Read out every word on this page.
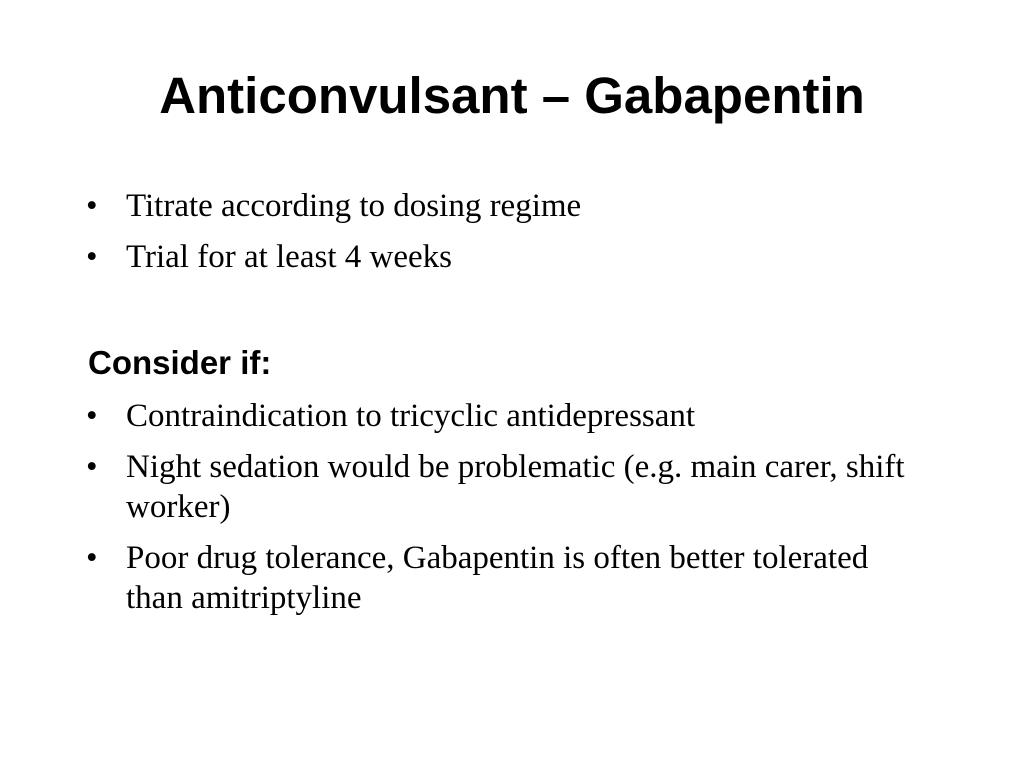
Anticonvulsant – Gabapentin
• Titrate according to dosing regime
• Trial for at least 4 weeks

Consider if:

• Contraindication to tricyclic antidepressant
• Night sedation would be problematic (e.g. main carer, shift worker)
• Poor drug tolerance, Gabapentin is often better tolerated than amitriptyline
